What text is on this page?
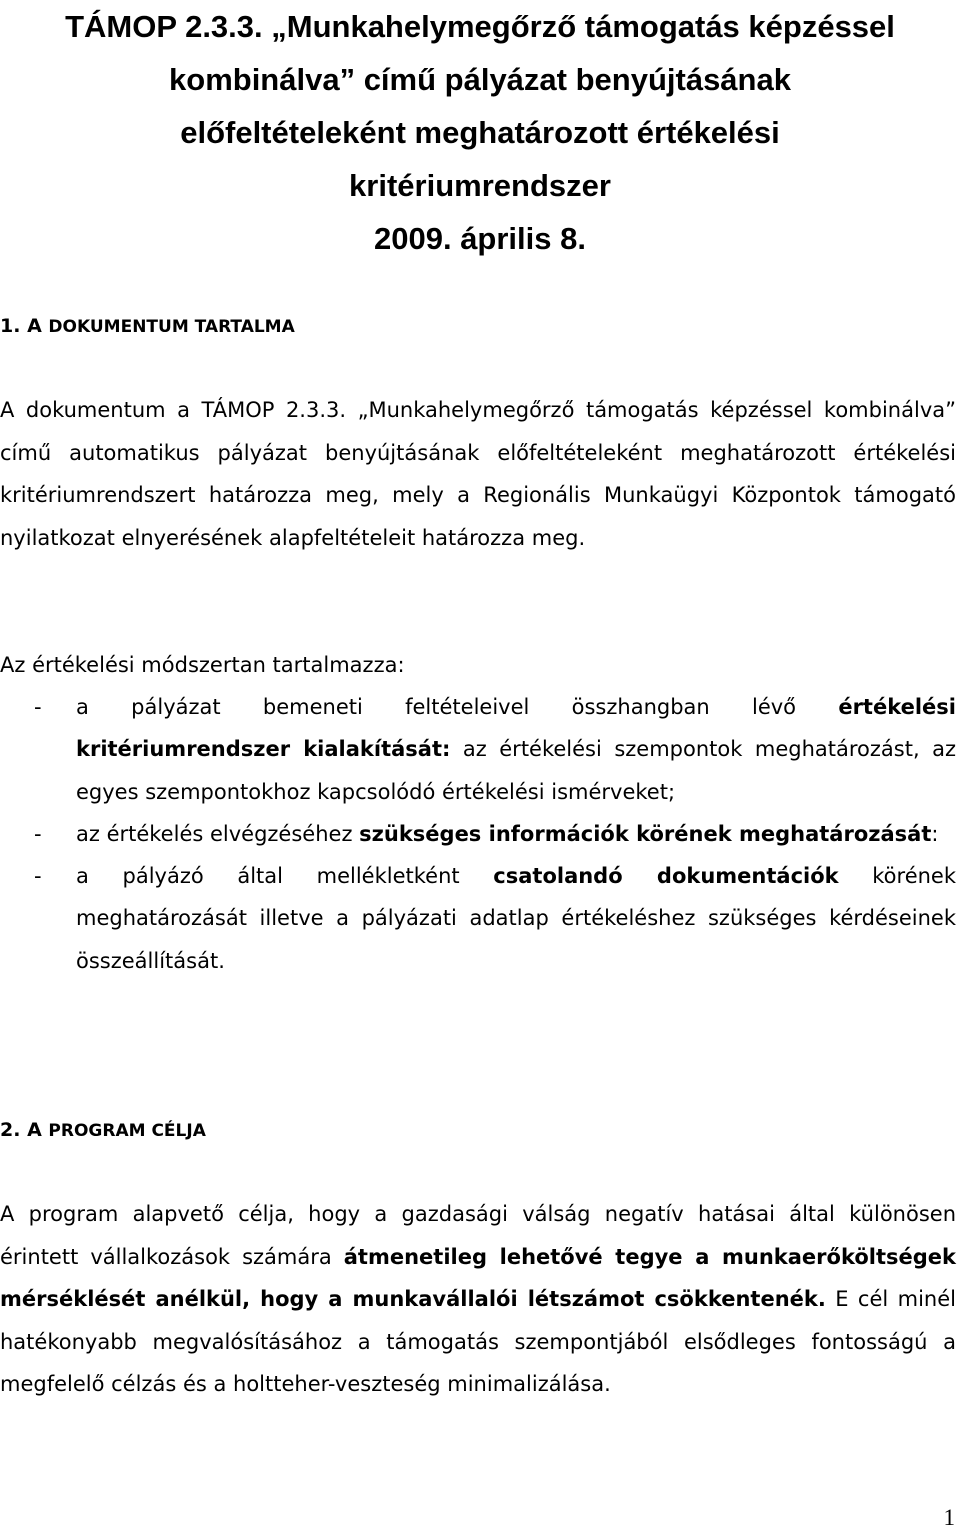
TÁMOP 2.3.3. „Munkahelymegőrző támogatás képzéssel
kombinálva” című pályázat benyújtásának
előfeltételeként meghatározott értékelési
kritériumrendszer
2009. április 8.
1. A DOKUMENTUM TARTALMA

A dokumentum a TÁMOP 2.3.3. „Munkahelymegőrző támogatás képzéssel kombinálva” című automatikus pályázat benyújtásának előfeltételeként meghatározott értékelési kritériumrendszert határozza meg, mely a Regionális Munkaügyi Központok támogató nyilatkozat elnyerésének alapfeltételeit határozza meg.

Az értékelési módszertan tartalmazza:

- a pályázat bemeneti feltételeivel összhangban lévő értékelési kritériumrendszer kialakítását: az értékelési szempontok meghatározást, az egyes szempontokhoz kapcsolódó értékelési ismérveket;
- az értékelés elvégzéséhez szükséges információk körének meghatározását:
- a pályázó által mellékletként csatolandó dokumentációk körének meghatározását illetve a pályázati adatlap értékeléshez szükséges kérdéseinek összeállítását.
2. A PROGRAM CÉLJA

A program alapvető célja, hogy a gazdasági válság negatív hatásai által különösen érintett vállalkozások számára átmenetileg lehetővé tegye a munkaerőköltségek mérséklését anélkül, hogy a munkavállalói létszámot csökkentenék. E cél minél hatékonyabb megvalósításához a támogatás szempontjából elsődleges fontosságú a megfelelő célzás és a holtteher-veszteség minimalizálása.

1
